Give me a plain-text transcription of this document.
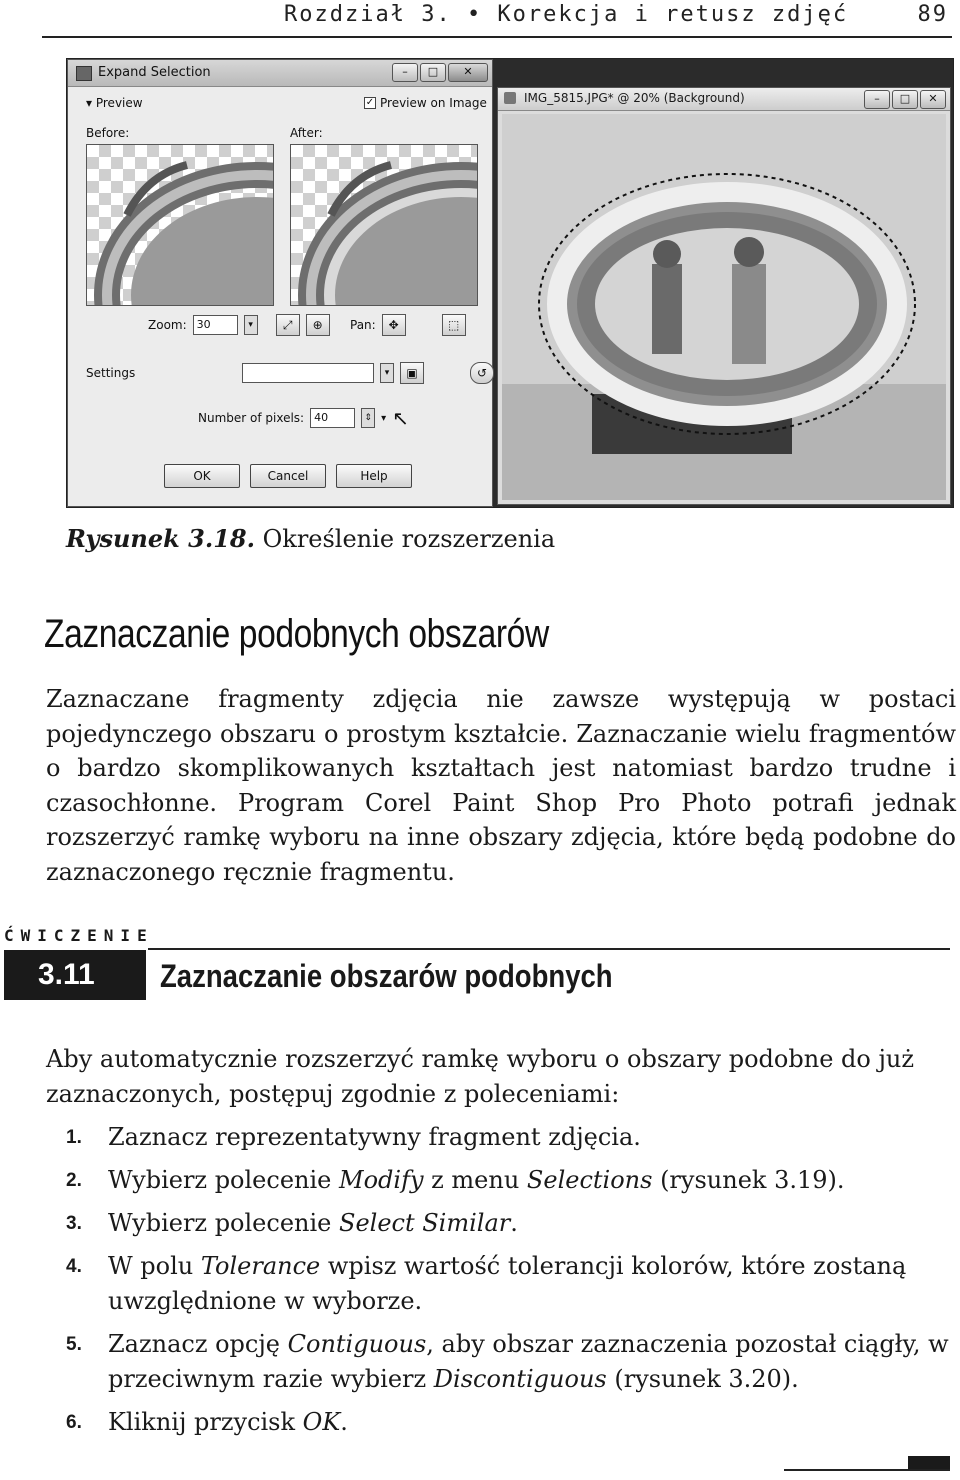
Rozdział 3. • Korekcja i retusz zdjęć	89
Expand Selection	–	□	✕
▾ Preview	✓ Preview on Image
Before:	After:
Zoom: 30	▾	⤢	⊕	Pan:	✥	⬚
Settings	▾	▣	↺
Number of pixels: 40	⇕ ▾ ↖
OK	Cancel	Help
IMG_5815.JPG* @ 20% (Background)	–	□	✕
Rysunek 3.18. Określenie rozszerzenia
Zaznaczanie podobnych obszarów
Zaznaczane fragmenty zdjęcia nie zawsze występują w postaci pojedynczego obszaru o prostym kształcie. Zaznaczanie wielu fragmentów o bardzo skomplikowanych kształtach jest natomiast bardzo trudne i czasochłonne. Program Corel Paint Shop Pro Photo potrafi jednak rozszerzyć ramkę wyboru na inne obszary zdjęcia, które będą podobne do zaznaczonego ręcznie fragmentu.
ĆWICZENIE
3.11	Zaznaczanie obszarów podobnych
Aby automatycznie rozszerzyć ramkę wyboru o obszary podobne do już zaznaczonych, postępuj zgodnie z poleceniami:
1.	Zaznacz reprezentatywny fragment zdjęcia.
2.	Wybierz polecenie Modify z menu Selections (rysunek 3.19).
3.	Wybierz polecenie Select Similar.
4.	W polu Tolerance wpisz wartość tolerancji kolorów, które zostaną uwzględnione w wyborze.
5.	Zaznacz opcję Contiguous, aby obszar zaznaczenia pozostał ciągły, w przeciwnym razie wybierz Discontiguous (rysunek 3.20).
6.	Kliknij przycisk OK.
